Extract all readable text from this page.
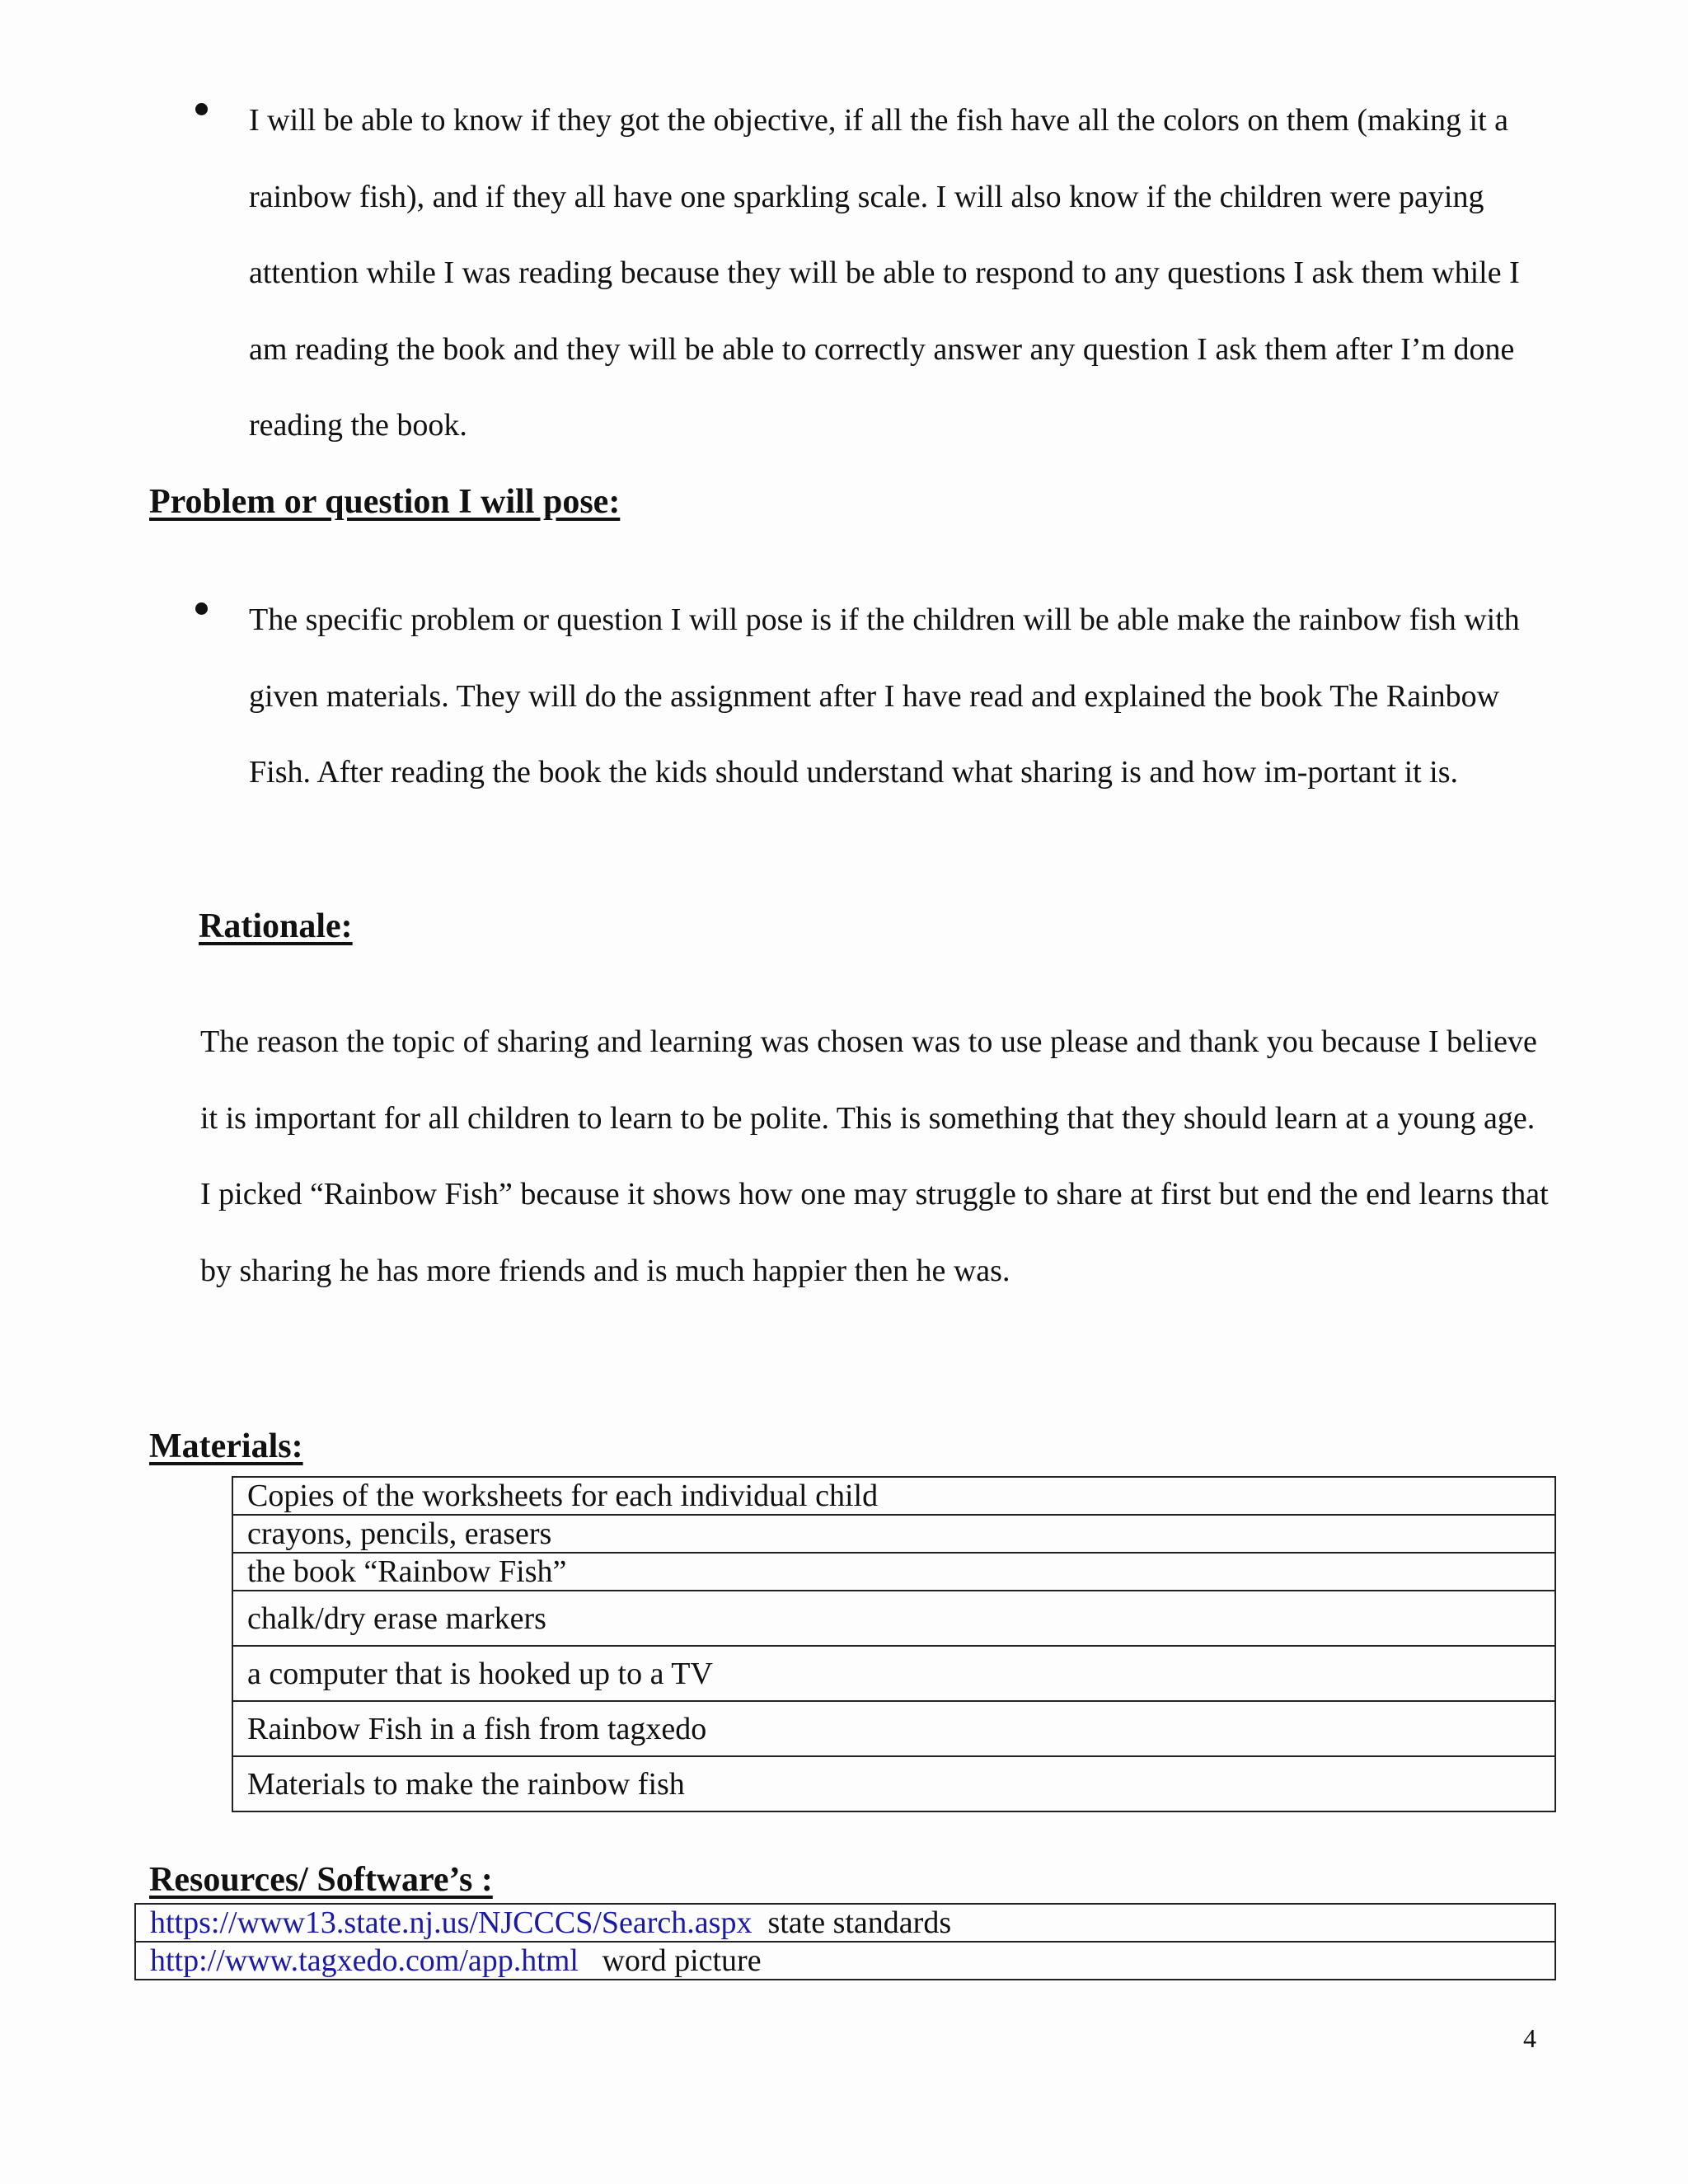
I will be able to know if they got the objective, if all the fish have all the colors on them (making it a rainbow fish), and if they all have one sparkling scale. I will also know if the children were paying attention while I was reading because they will be able to respond to any questions I ask them while I am reading the book and they will be able to correctly answer any question I ask them after I’m done reading the book.
Problem or question I will pose:
The specific problem or question I will pose is if the children will be able make the rainbow fish with given materials. They will do the assignment after I have read and explained the book The Rainbow Fish. After reading the book the kids should understand what sharing is and how im-portant it is.
Rationale:
The reason the topic of sharing and learning was chosen was to use please and thank you because I believe it is important for all children to learn to be polite. This is something that they should learn at a young age. I picked “Rainbow Fish” because it shows how one may struggle to share at first but end the end learns that by sharing he has more friends and is much happier then he was.
Materials:
Copies of the worksheets for each individual child
crayons, pencils, erasers
the book “Rainbow Fish”
chalk/dry erase markers
a computer that is hooked up to a TV
Rainbow Fish in a fish from tagxedo
Materials to make the rainbow fish
Resources/ Software’s :
https://www13.state.nj.us/NJCCCS/Search.aspx state standards
http://www.tagxedo.com/app.html word picture
4
